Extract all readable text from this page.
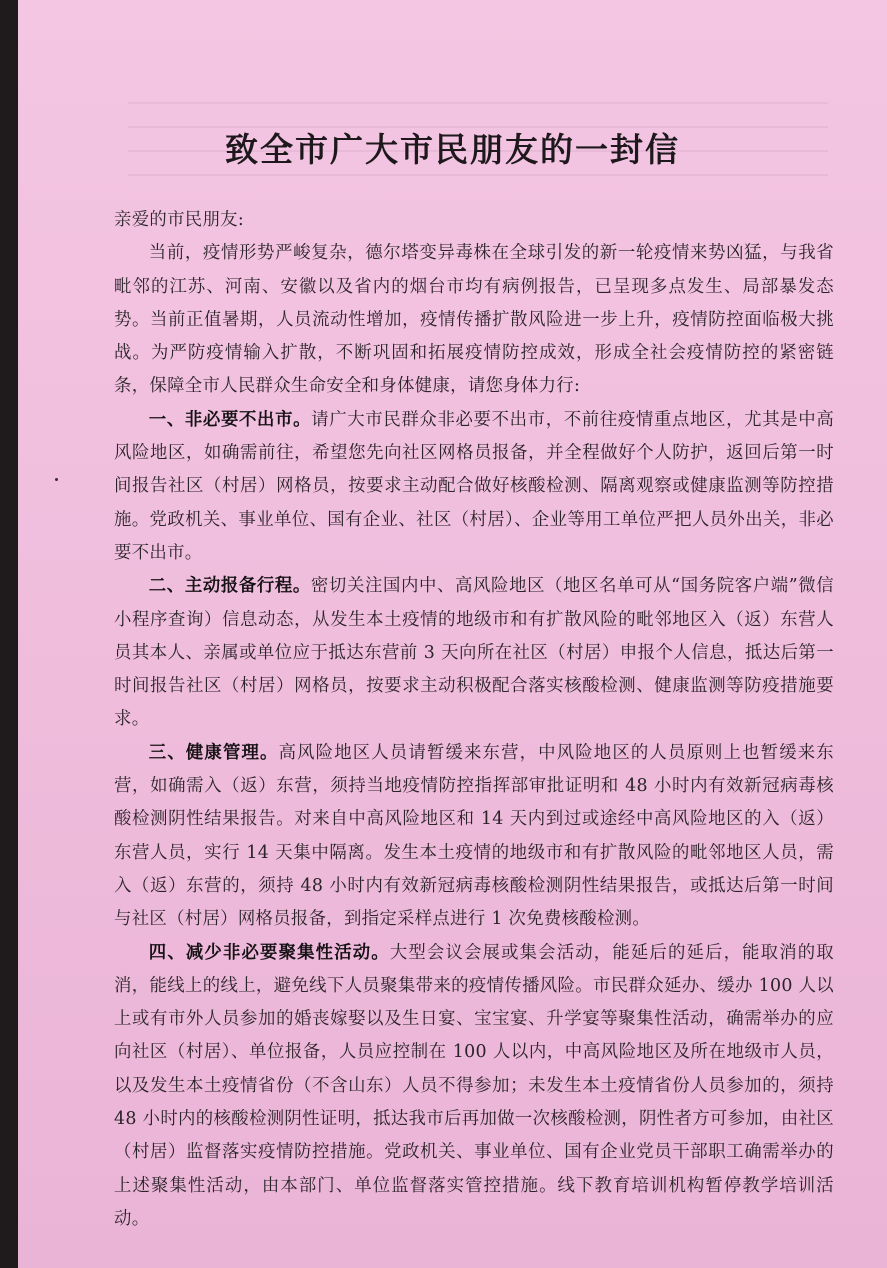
致全市广大市民朋友的一封信

亲爱的市民朋友:

当前，疫情形势严峻复杂，德尔塔变异毒株在全球引发的新一轮疫情来势凶猛，与我省毗邻的江苏、河南、安徽以及省内的烟台市均有病例报告，已呈现多点发生、局部暴发态势。当前正值暑期，人员流动性增加，疫情传播扩散风险进一步上升，疫情防控面临极大挑战。为严防疫情输入扩散，不断巩固和拓展疫情防控成效，形成全社会疫情防控的紧密链条，保障全市人民群众生命安全和身体健康，请您身体力行:

一、非必要不出市。请广大市民群众非必要不出市，不前往疫情重点地区，尤其是中高风险地区，如确需前往，希望您先向社区网格员报备，并全程做好个人防护，返回后第一时间报告社区（村居）网格员，按要求主动配合做好核酸检测、隔离观察或健康监测等防控措施。党政机关、事业单位、国有企业、社区（村居）、企业等用工单位严把人员外出关，非必要不出市。

二、主动报备行程。密切关注国内中、高风险地区（地区名单可从“国务院客户端”微信小程序查询）信息动态，从发生本土疫情的地级市和有扩散风险的毗邻地区入（返）东营人员其本人、亲属或单位应于抵达东营前 3 天向所在社区（村居）申报个人信息，抵达后第一时间报告社区（村居）网格员，按要求主动积极配合落实核酸检测、健康监测等防疫措施要求。

三、健康管理。高风险地区人员请暂缓来东营，中风险地区的人员原则上也暂缓来东营，如确需入（返）东营，须持当地疫情防控指挥部审批证明和 48 小时内有效新冠病毒核酸检测阴性结果报告。对来自中高风险地区和 14 天内到过或途经中高风险地区的入（返）东营人员，实行 14 天集中隔离。发生本土疫情的地级市和有扩散风险的毗邻地区人员，需入（返）东营的，须持 48 小时内有效新冠病毒核酸检测阴性结果报告，或抵达后第一时间与社区（村居）网格员报备，到指定采样点进行 1 次免费核酸检测。

四、减少非必要聚集性活动。大型会议会展或集会活动，能延后的延后，能取消的取消，能线上的线上，避免线下人员聚集带来的疫情传播风险。市民群众延办、缓办 100 人以上或有市外人员参加的婚丧嫁娶以及生日宴、宝宝宴、升学宴等聚集性活动，确需举办的应向社区（村居）、单位报备，人员应控制在 100 人以内，中高风险地区及所在地级市人员，以及发生本土疫情省份（不含山东）人员不得参加；未发生本土疫情省份人员参加的，须持 48 小时内的核酸检测阴性证明，抵达我市后再加做一次核酸检测，阴性者方可参加，由社区（村居）监督落实疫情防控措施。党政机关、事业单位、国有企业党员干部职工确需举办的上述聚集性活动，由本部门、单位监督落实管控措施。线下教育培训机构暂停教学培训活动。
